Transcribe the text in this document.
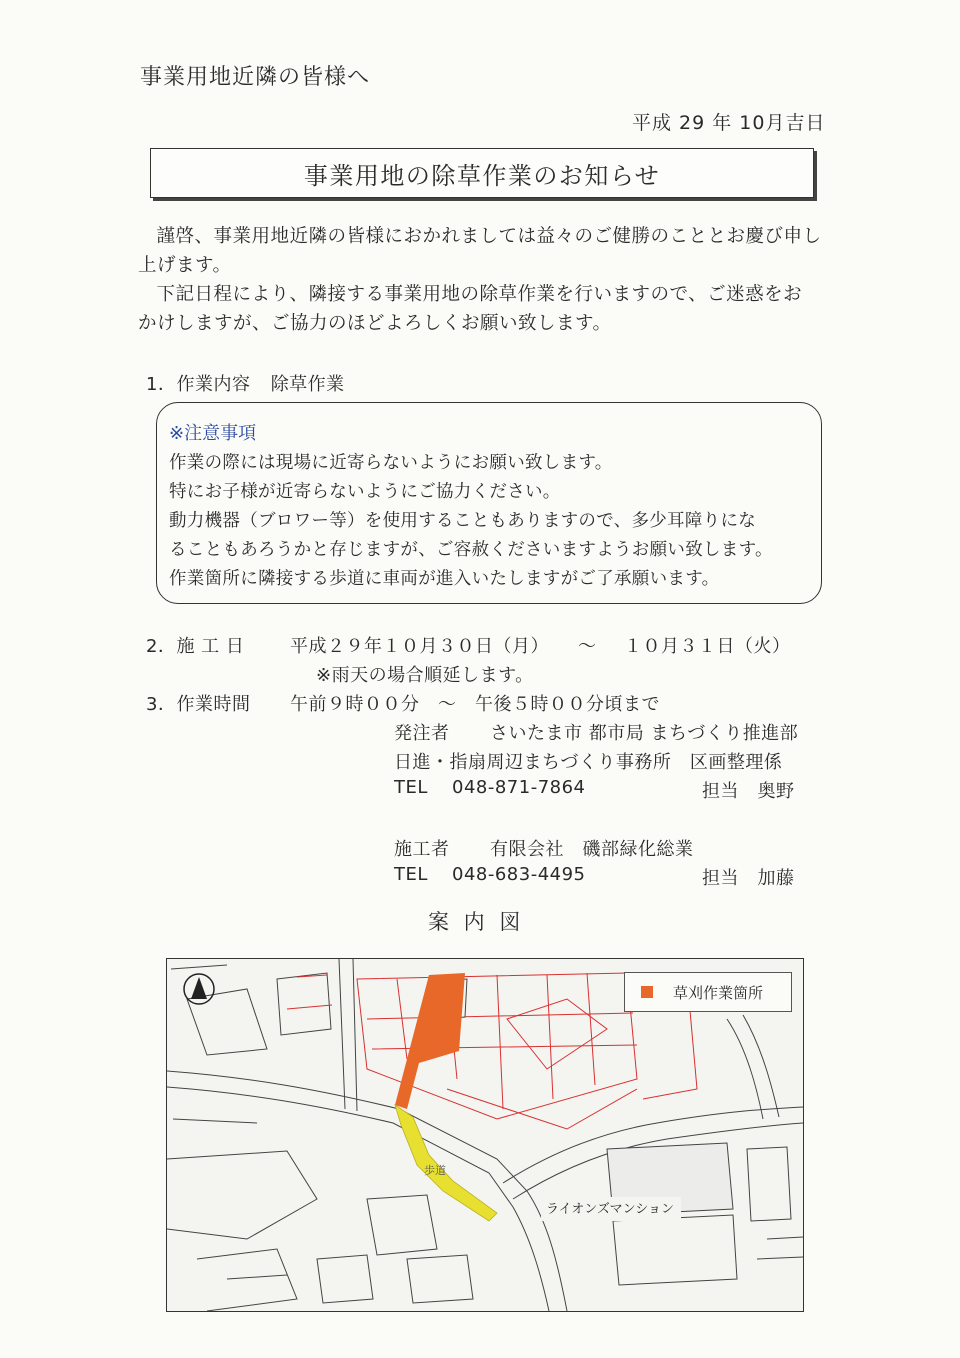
事業用地近隣の皆様へ
平成 29 年 10月吉日
事業用地の除草作業のお知らせ

謹啓、事業用地近隣の皆様におかれましては益々のご健勝のこととお慶び申し

上げます。

下記日程により、隣接する事業用地の除草作業を行いますので、ご迷惑をお

かけしますが、ご協力のほどよろしくお願い致します。
1．作業内容 除草作業
※注意事項
作業の際には現場に近寄らないようにお願い致します。
特にお子様が近寄らないようにご協力ください。
動力機器（ブロワー等）を使用することもありますので、多少耳障りにな
ることもあろうかと存じますが、ご容赦くださいますようお願い致します。
作業箇所に隣接する歩道に車両が進入いたしますがご了承願います。
2．施 工 日	平成２９年１０月３０日（月） ～ １０月３１日（火）
※雨天の場合順延します。
3．作業時間 午前９時００分　～　午後５時００分頃まで
発注者 さいたま市 都市局 まちづくり推進部
日進・指扇周辺まちづくり事務所　区画整理係
TEL 048-871-7864	担当　奥野
施工者 有限会社　磯部緑化総業
TEL 048-683-4495	担当　加藤
案 内 図
草刈作業箇所
ライオンズマンション
歩道
